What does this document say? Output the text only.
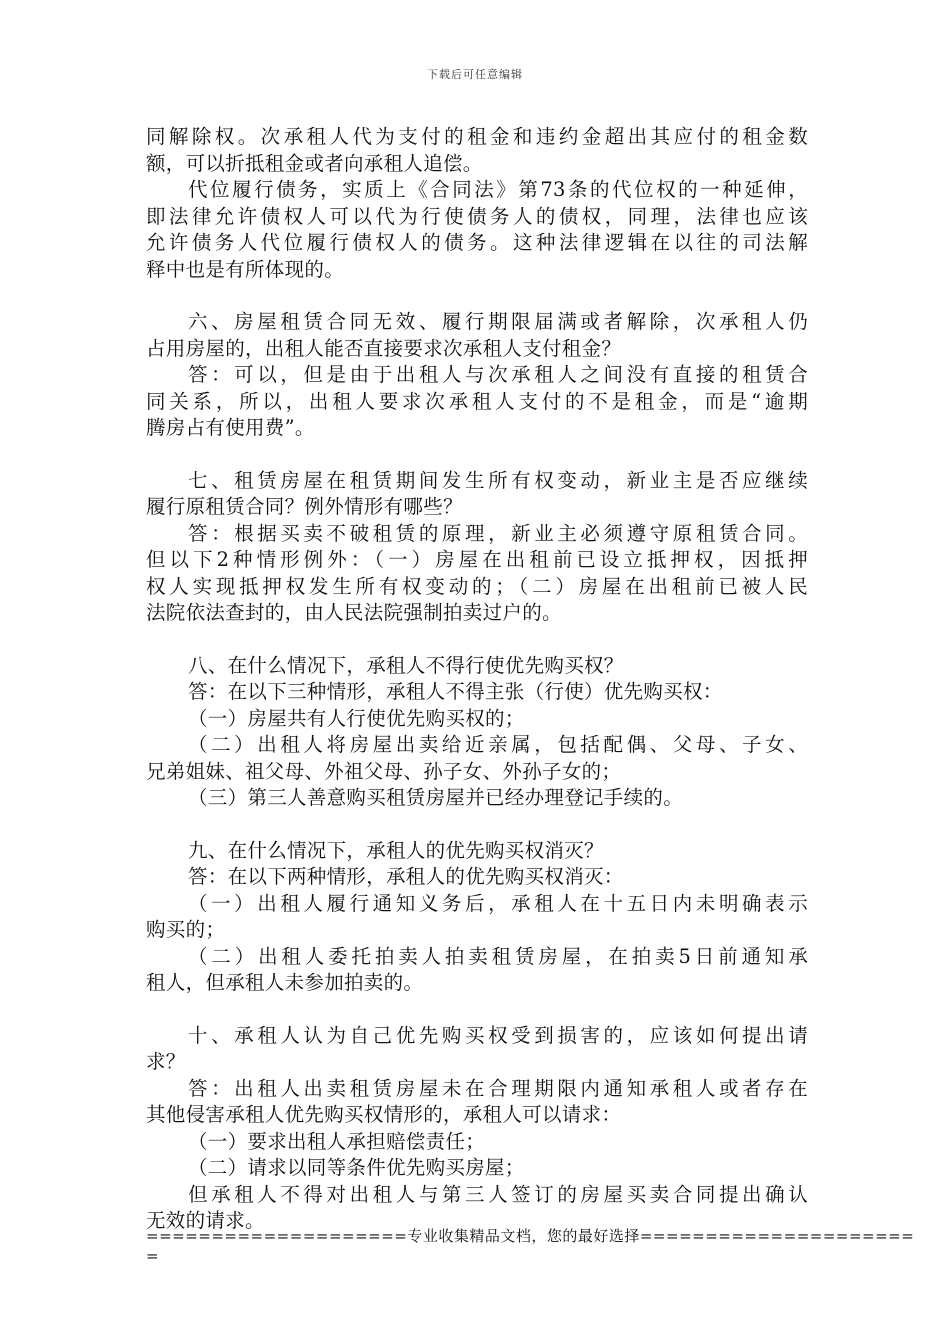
下载后可任意编辑
同解除权。次承租人代为支付的租金和违约金超出其应付的租金数
额，可以折抵租金或者向承租人追偿。
代位履行债务，实质上《合同法》第73条的代位权的一种延伸，
即法律允许债权人可以代为行使债务人的债权，同理，法律也应该
允许债务人代位履行债权人的债务。这种法律逻辑在以往的司法解
释中也是有所体现的。
六、房屋租赁合同无效、履行期限届满或者解除，次承租人仍
占用房屋的，出租人能否直接要求次承租人支付租金？
答：可以，但是由于出租人与次承租人之间没有直接的租赁合
同关系，所以，出租人要求次承租人支付的不是租金，而是“逾期
腾房占有使用费”。
七、租赁房屋在租赁期间发生所有权变动，新业主是否应继续
履行原租赁合同？例外情形有哪些？
答：根据买卖不破租赁的原理，新业主必须遵守原租赁合同。
但以下2种情形例外：（一）房屋在出租前已设立抵押权，因抵押
权人实现抵押权发生所有权变动的；（二）房屋在出租前已被人民
法院依法查封的，由人民法院强制拍卖过户的。
八、在什么情况下，承租人不得行使优先购买权？
答：在以下三种情形，承租人不得主张（行使）优先购买权：
（一）房屋共有人行使优先购买权的；
（二）出租人将房屋出卖给近亲属，包括配偶、父母、子女、
兄弟姐妹、祖父母、外祖父母、孙子女、外孙子女的；
（三）第三人善意购买租赁房屋并已经办理登记手续的。
九、在什么情况下，承租人的优先购买权消灭？
答：在以下两种情形，承租人的优先购买权消灭：
（一）出租人履行通知义务后，承租人在十五日内未明确表示
购买的；
（二）出租人委托拍卖人拍卖租赁房屋，在拍卖5日前通知承
租人，但承租人未参加拍卖的。
十、承租人认为自己优先购买权受到损害的，应该如何提出请
求？
答：出租人出卖租赁房屋未在合理期限内通知承租人或者存在
其他侵害承租人优先购买权情形的，承租人可以请求：
（一）要求出租人承担赔偿责任；
（二）请求以同等条件优先购买房屋；
但承租人不得对出租人与第三人签订的房屋买卖合同提出确认
无效的请求。
====================专业收集精品文档，您的最好选择=====================
=
